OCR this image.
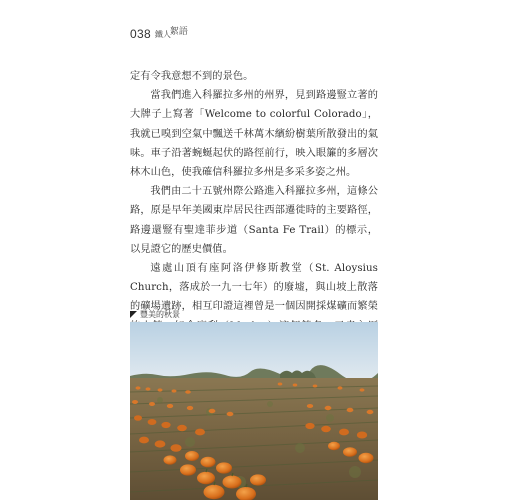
038 鐵人 絮語

定有令我意想不到的景色。

當我們進入科羅拉多州的州界，見到路邊豎立著的大牌子上寫著「Welcome to colorful Colorado」，我就已嗅到空氣中飄送千林萬木繽紛樹葉所散發出的氣味。車子沿著蜿蜒起伏的路徑前行，映入眼簾的多層次林木山色，使我確信科羅拉多州是多采多姿之州。

我們由二十五號州際公路進入科羅拉多州，這條公路，原是早年美國東岸居民往西部遷徙時的主要路徑，路邊還豎有聖達菲步道（Santa Fe Trail）的標示，以見證它的歷史價值。

遠處山頂有座阿洛伊修斯教堂（St. Aloysius Church，落成於一九一七年）的廢墟，與山坡上散落的礦場遺跡，相互印證這裡曾是一個因開採煤礦而繁榮

豐美的秋景
